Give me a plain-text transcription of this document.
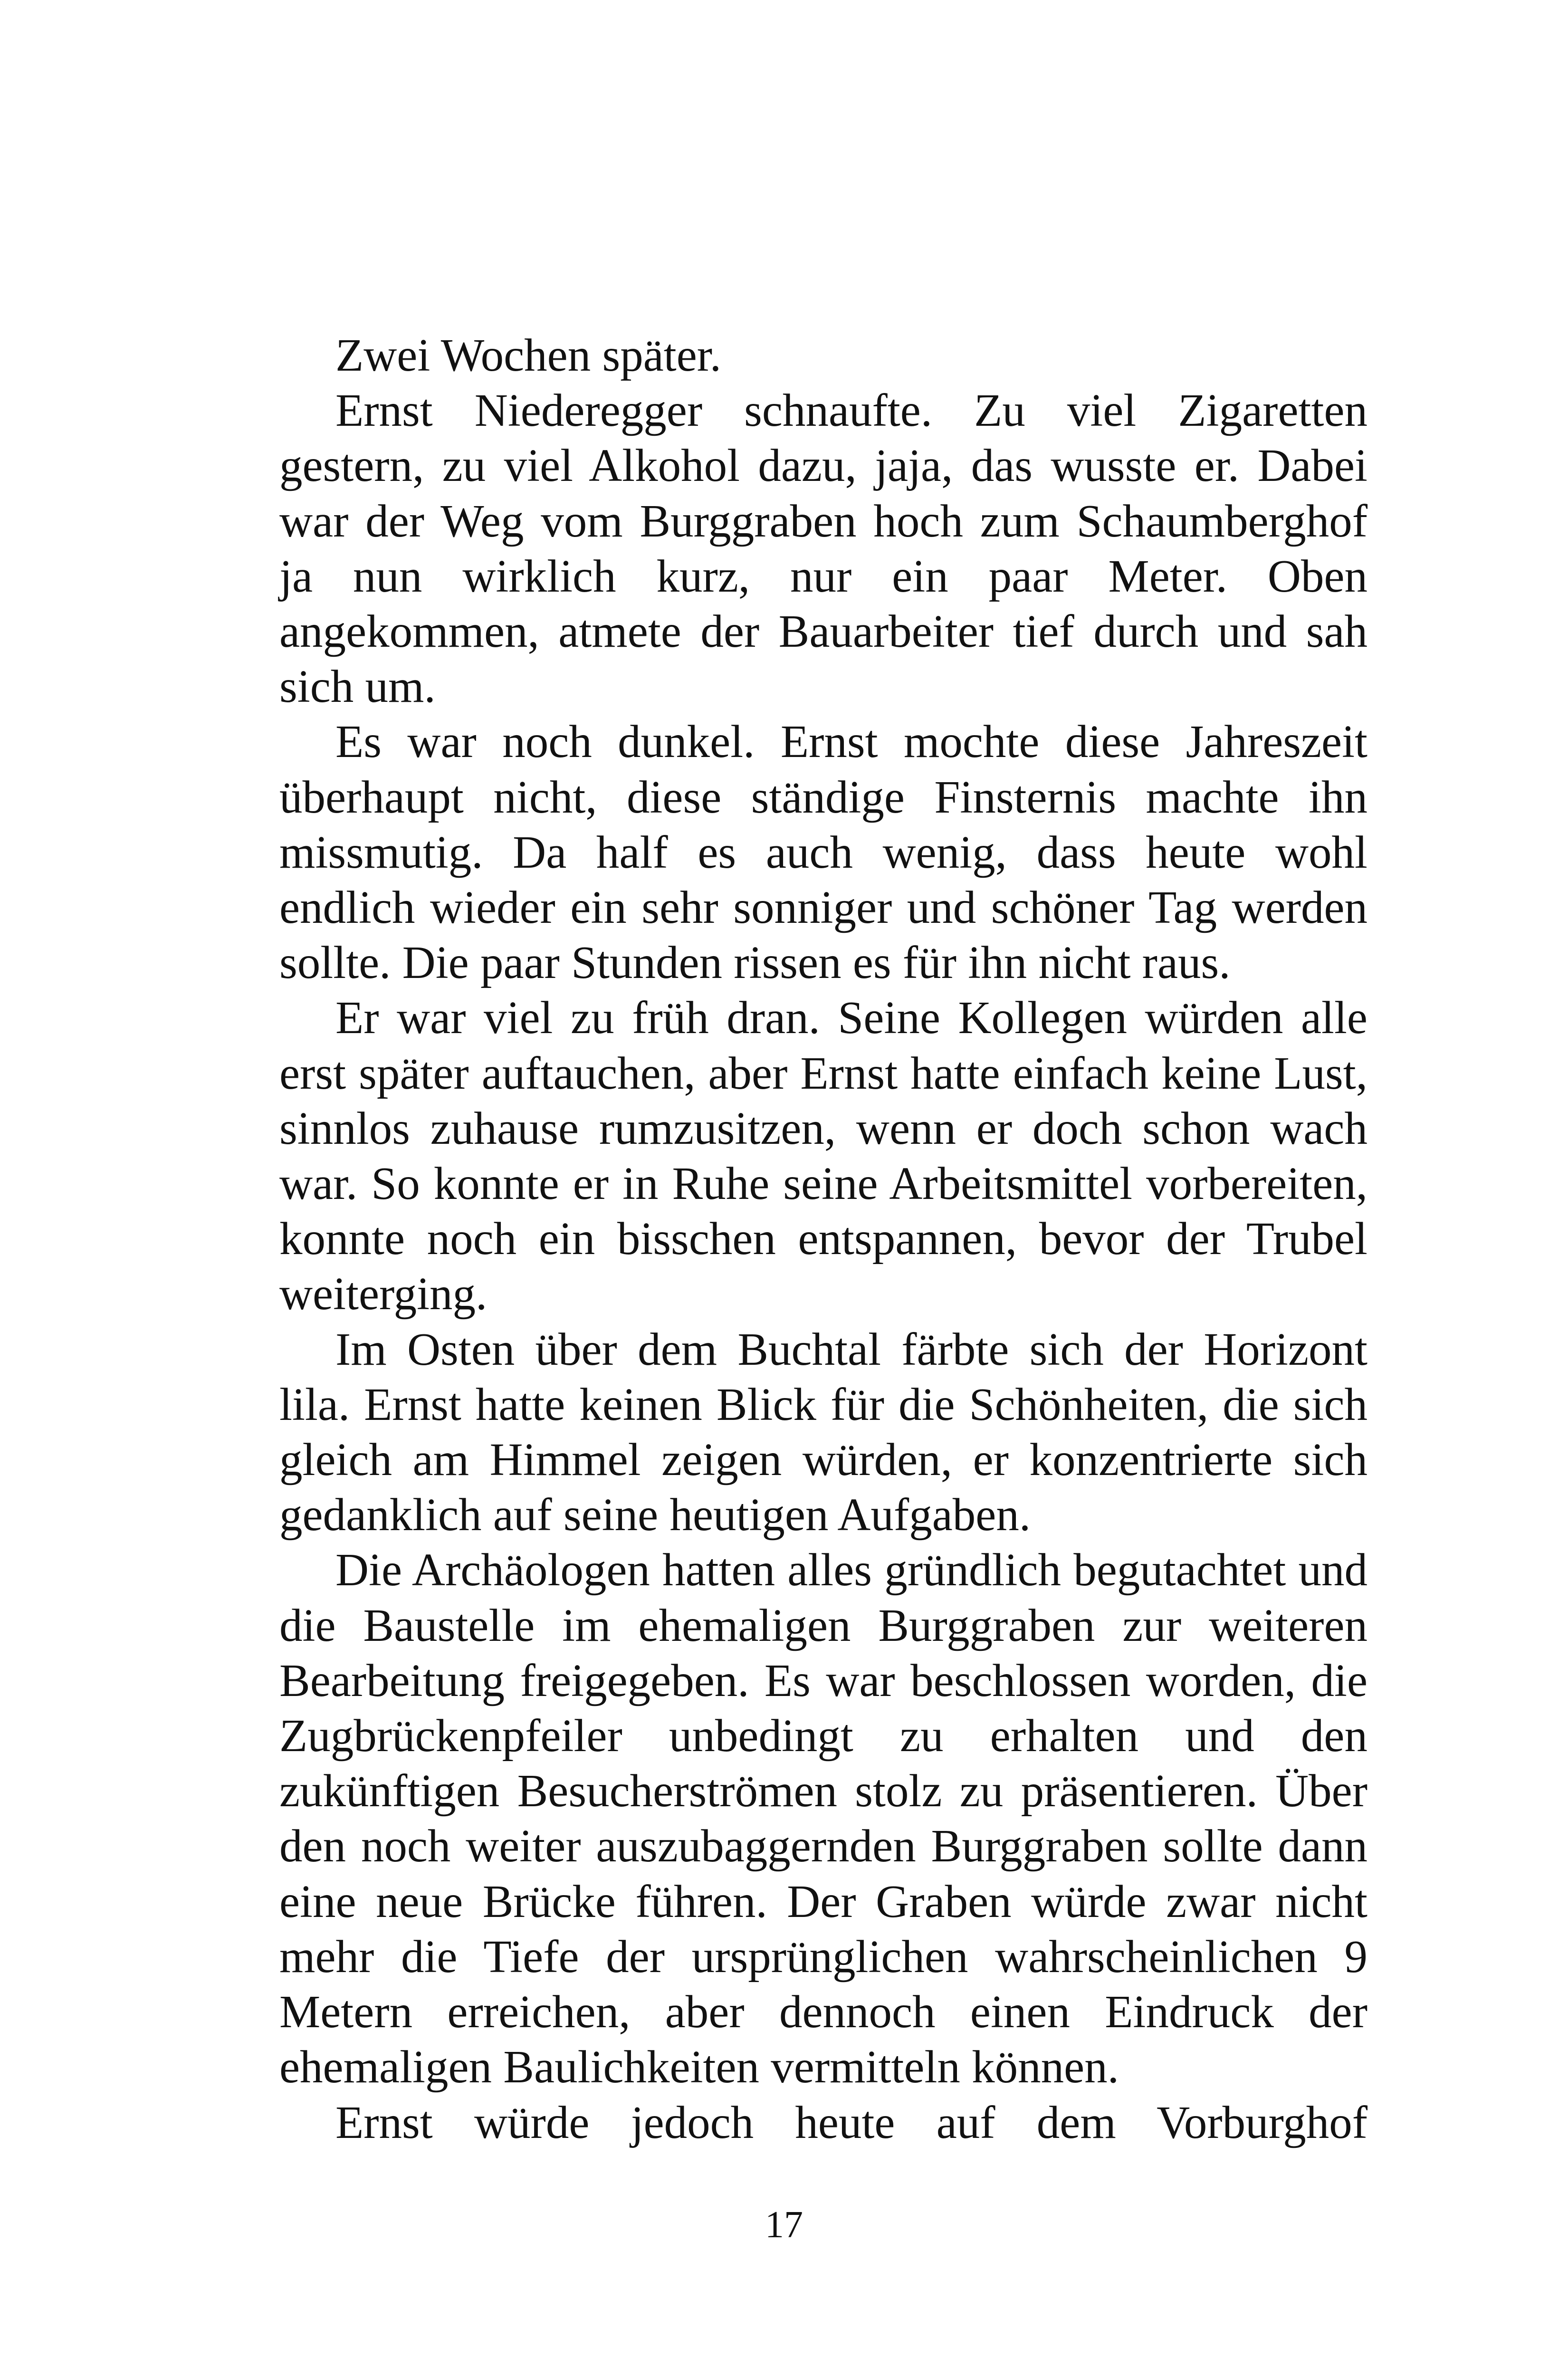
Zwei Wochen später.

Ernst Niederegger schnaufte. Zu viel Zigaretten gestern, zu viel Alkohol dazu, jaja, das wusste er. Dabei war der Weg vom Burggraben hoch zum Schaumberghof ja nun wirklich kurz, nur ein paar Meter. Oben angekommen, atmete der Bauarbeiter tief durch und sah sich um.

Es war noch dunkel. Ernst mochte diese Jahreszeit überhaupt nicht, diese ständige Finsternis machte ihn missmutig. Da half es auch wenig, dass heute wohl endlich wieder ein sehr sonniger und schöner Tag werden sollte. Die paar Stunden rissen es für ihn nicht raus.

Er war viel zu früh dran. Seine Kollegen würden alle erst später auftauchen, aber Ernst hatte einfach keine Lust, sinnlos zuhause rumzusitzen, wenn er doch schon wach war. So konnte er in Ruhe seine Arbeitsmittel vorbereiten, konnte noch ein bisschen entspannen, bevor der Trubel weiterging.

Im Osten über dem Buchtal färbte sich der Horizont lila. Ernst hatte keinen Blick für die Schönheiten, die sich gleich am Himmel zeigen würden, er konzentrierte sich gedanklich auf seine heutigen Aufgaben.

Die Archäologen hatten alles gründlich begutachtet und die Baustelle im ehemaligen Burggraben zur weiteren Bearbeitung freigegeben. Es war beschlossen worden, die Zugbrückenpfeiler unbedingt zu erhalten und den zukünftigen Besucherströmen stolz zu präsentieren. Über den noch weiter auszubaggernden Burggraben sollte dann eine neue Brücke führen. Der Graben würde zwar nicht mehr die Tiefe der ursprünglichen wahrscheinlichen 9 Metern erreichen, aber dennoch einen Eindruck der ehemaligen Baulichkeiten vermitteln können.

Ernst würde jedoch heute auf dem Vorburghof

17
